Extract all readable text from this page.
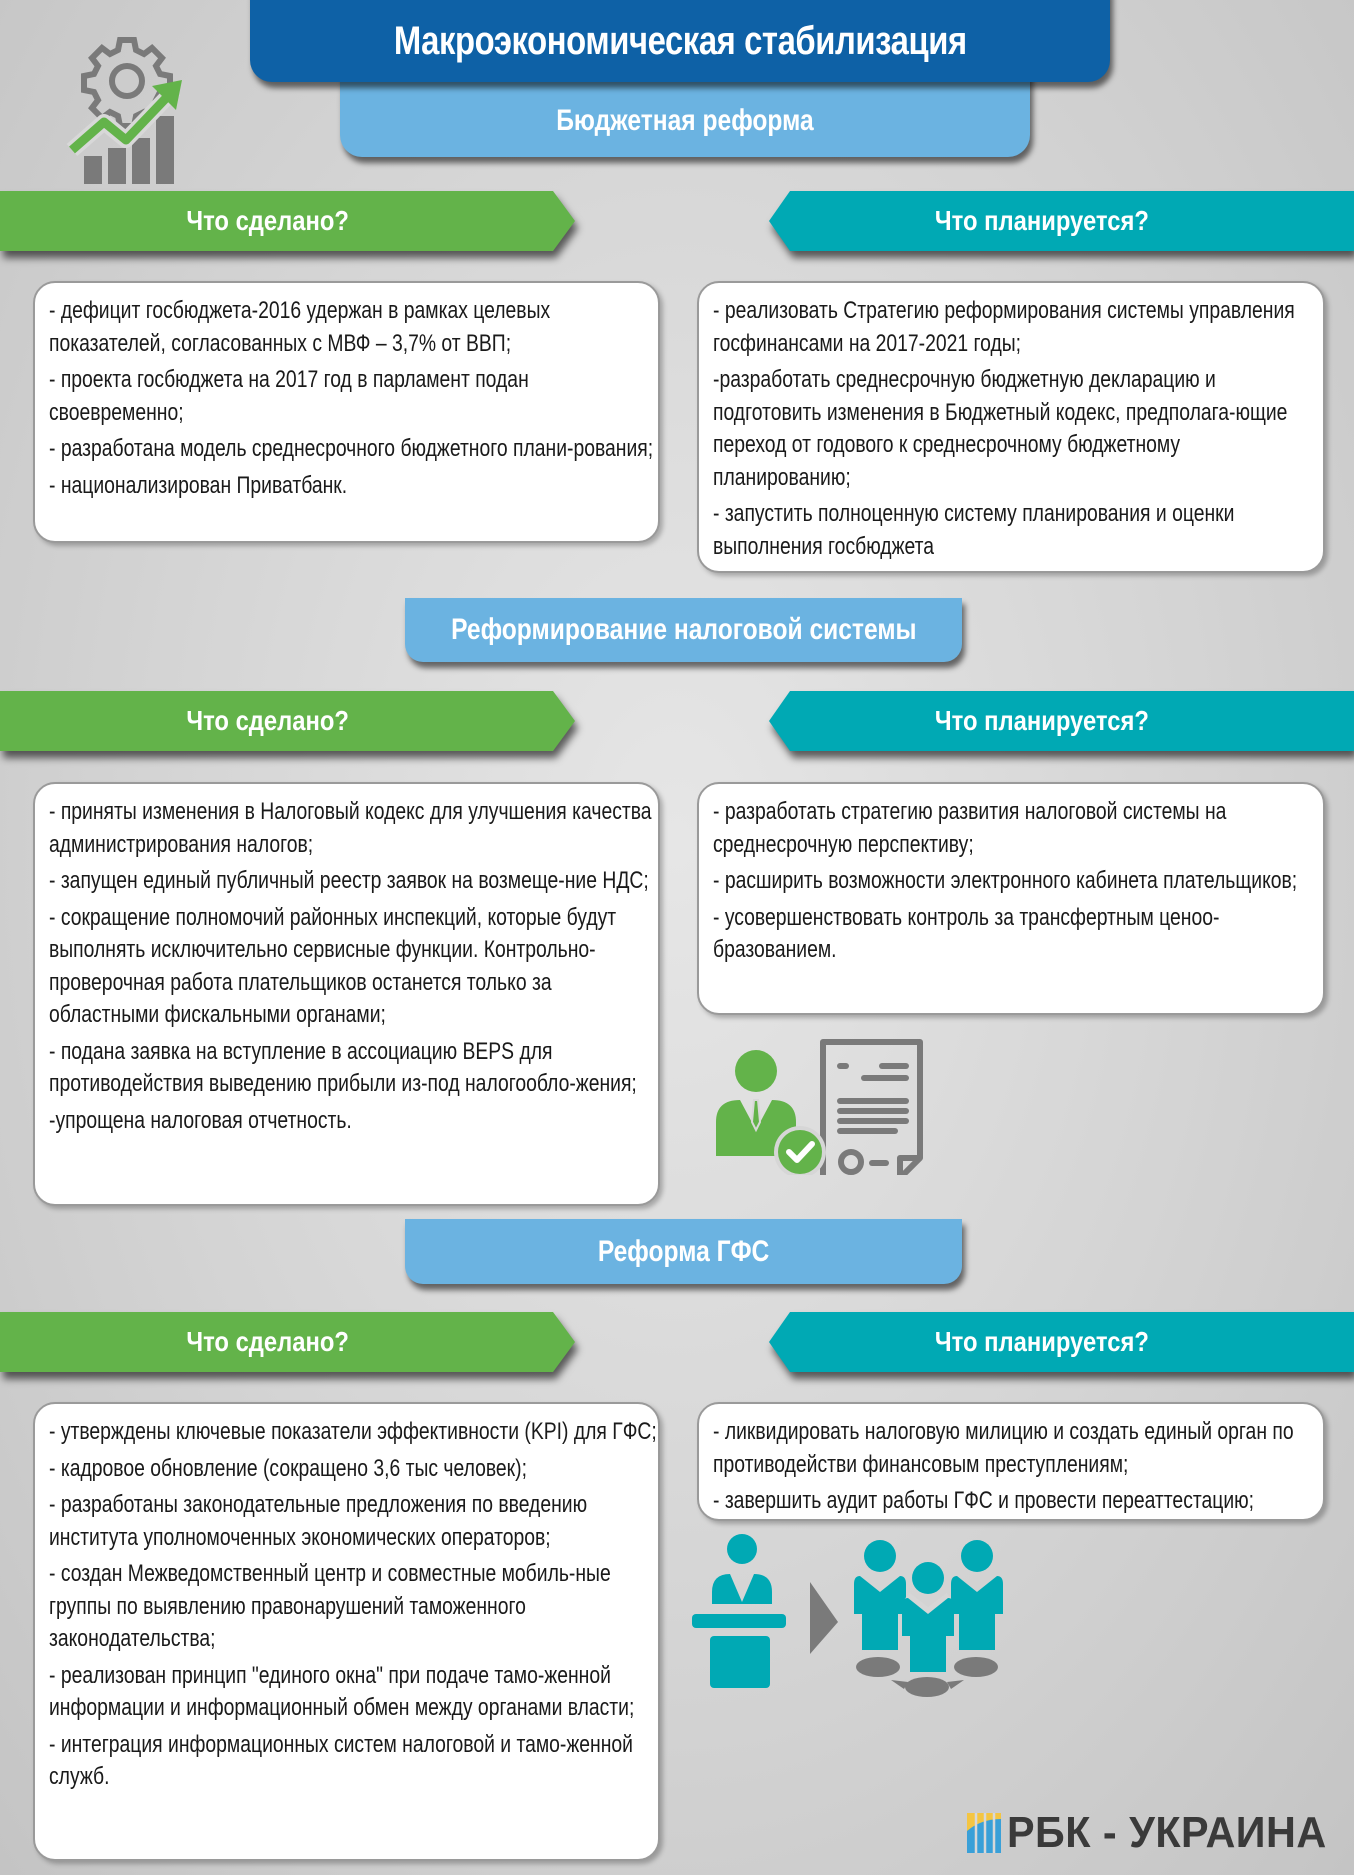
Макроэкономическая стабилизация
Бюджетная реформа
Что сделано?	Что планируется?
- дефицит госбюджета-2016 удержан в рамках целевых показателей, согласованных с МВФ – 3,7% от ВВП;
- проекта госбюджета на 2017 год в парламент подан своевременно;
- разработана модель среднесрочного бюджетного плани-рования;
- национализирован Приватбанк.
- реализовать Стратегию реформирования системы управления госфинансами на 2017-2021 годы;
-разработать среднесрочную бюджетную декларацию и подготовить изменения в Бюджетный кодекс, предполага-ющие переход от годового к среднесрочному бюджетному планированию;
- запустить полноценную систему планирования и оценки выполнения госбюджета
Реформирование налоговой системы
Что сделано?	Что планируется?
- приняты изменения в Налоговый кодекс для улучшения качества администрирования налогов;
- запущен единый публичный реестр заявок на возмеще-ние НДС;
- сокращение полномочий районных инспекций, которые будут выполнять исключительно сервисные функции. Контрольно-проверочная работа плательщиков останется только за областными фискальными органами;
- подана заявка на вступление в ассоциацию BEPS для противодействия выведению прибыли из-под налогообло-жения;
-упрощена налоговая отчетность.
- разработать стратегию развития налоговой системы на среднесрочную перспективу;
- расширить возможности электронного кабинета плательщиков;
- усовершенствовать контроль за трансфертным ценоо-бразованием.
Реформа ГФС
Что сделано?	Что планируется?
- утверждены ключевые показатели эффективности (KPI) для ГФС;
- кадровое обновление (сокращено 3,6 тыс человек);
- разработаны законодательные предложения по введению института уполномоченных экономических операторов;
- создан Межведомственный центр и совместные мобиль-ные группы по выявлению правонарушений таможенного законодательства;
- реализован принцип "единого окна" при подаче тамо-женной информации и информационный обмен между органами власти;
- интеграция информационных систем налоговой и тамо-женной служб.
- ликвидировать налоговую милицию и создать единый орган по противодействи финансовым преступлениям;
- завершить аудит работы ГФС и провести переаттестацию;
РБК - УКРАИНА
